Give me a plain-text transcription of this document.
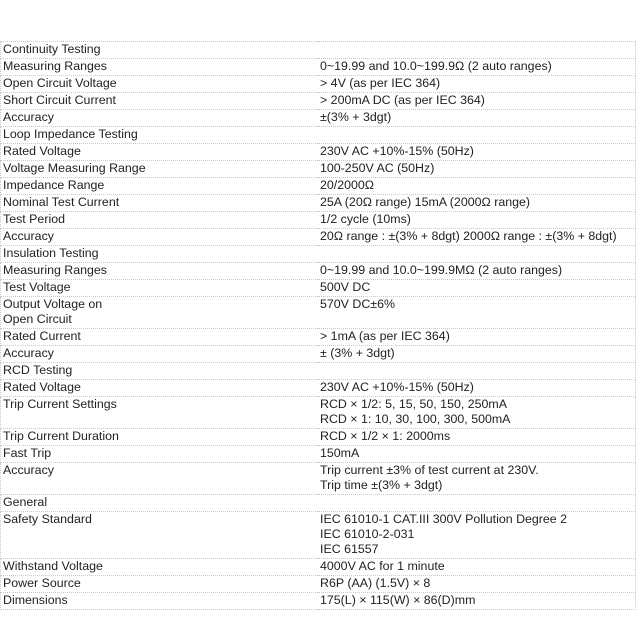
Continuity Testing	
Measuring Ranges	0~19.99 and 10.0~199.9Ω (2 auto ranges)

Open Circuit Voltage	> 4V (as per IEC 364)

Short Circuit Current	> 200mA DC (as per IEC 364)

Accuracy	±(3% + 3dgt)

Loop Impedance Testing	
Rated Voltage	230V AC +10%-15% (50Hz)

Voltage Measuring Range	100-250V AC (50Hz)

Impedance Range	20/2000Ω

Nominal Test Current	25A (20Ω range) 15mA (2000Ω range)

Test Period	1/2 cycle (10ms)

Accuracy	20Ω range : ±(3% + 8dgt) 2000Ω range : ±(3% + 8dgt)

Insulation Testing	
Measuring Ranges	0~19.99 and 10.0~199.9MΩ (2 auto ranges)

Test Voltage	500V DC

Output Voltage on
Open Circuit	570V DC±6%

Rated Current	> 1mA (as per IEC 364)

Accuracy	± (3% + 3dgt)

RCD Testing	
Rated Voltage	230V AC +10%-15% (50Hz)

Trip Current Settings	RCD × 1/2: 5, 15, 50, 150, 250mA
RCD × 1: 10, 30, 100, 300, 500mA

Trip Current Duration	RCD × 1/2 × 1: 2000ms

Fast Trip	150mA

Accuracy	Trip current ±3% of test current at 230V.
Trip time ±(3% + 3dgt)

General	
Safety Standard	IEC 61010-1 CAT.III 300V Pollution Degree 2
IEC 61010-2-031
IEC 61557

Withstand Voltage	4000V AC for 1 minute

Power Source	R6P (AA) (1.5V) × 8

Dimensions	175(L) × 115(W) × 86(D)mm
